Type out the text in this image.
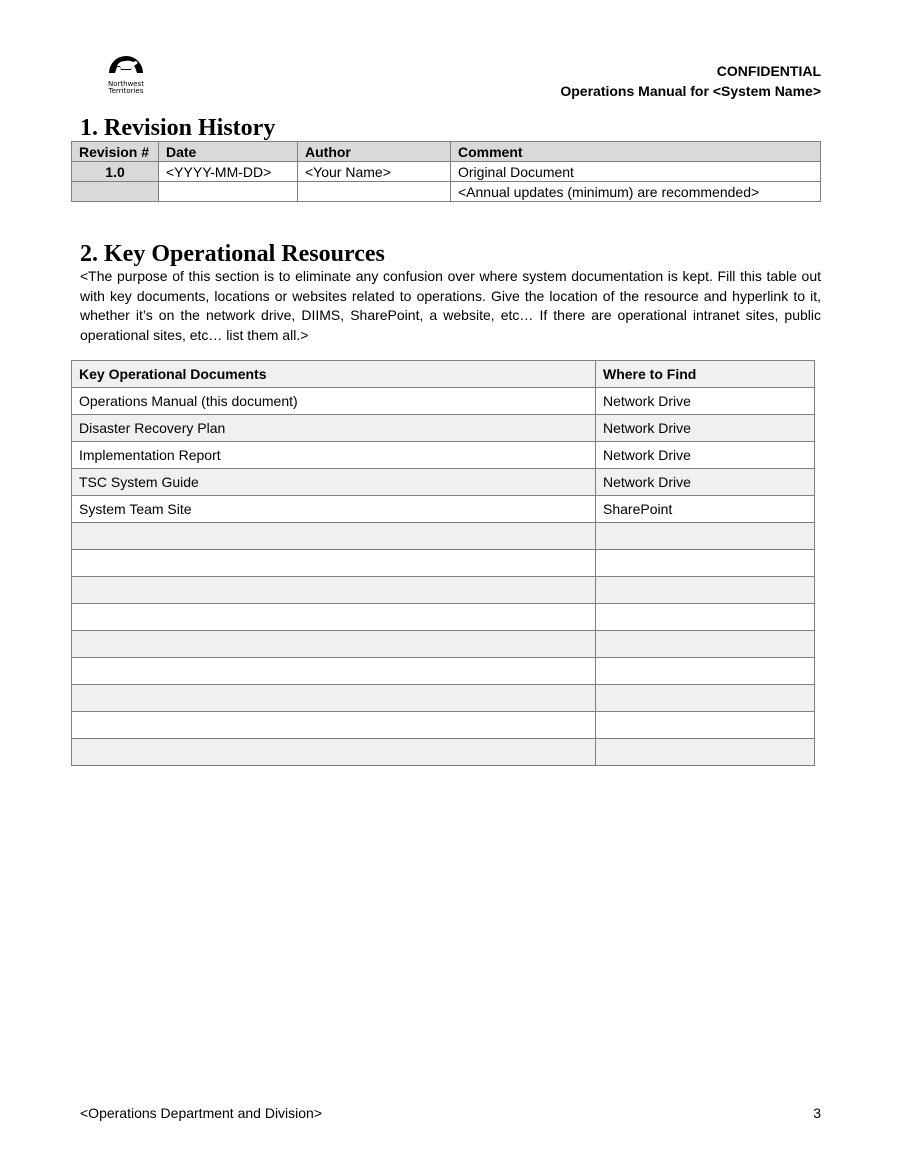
Northwest
Territories
CONFIDENTIAL
Operations Manual for <System Name>
1. Revision History
Revision #	Date	Author	Comment
1.0	<YYYY-MM-DD>	<Your Name>	Original Document
			<Annual updates (minimum) are recommended>
2. Key Operational Resources

<The purpose of this section is to eliminate any confusion over where system documentation is kept. Fill this table out with key documents, locations or websites related to operations. Give the location of the resource and hyperlink to it, whether it’s on the network drive, DIIMS, SharePoint, a website, etc… If there are operational intranet sites, public operational sites, etc… list them all.>

Key Operational Documents	Where to Find
Operations Manual (this document)	Network Drive
Disaster Recovery Plan	Network Drive
Implementation Report	Network Drive
TSC System Guide	Network Drive
System Team Site	SharePoint

<Operations Department and Division>	3
